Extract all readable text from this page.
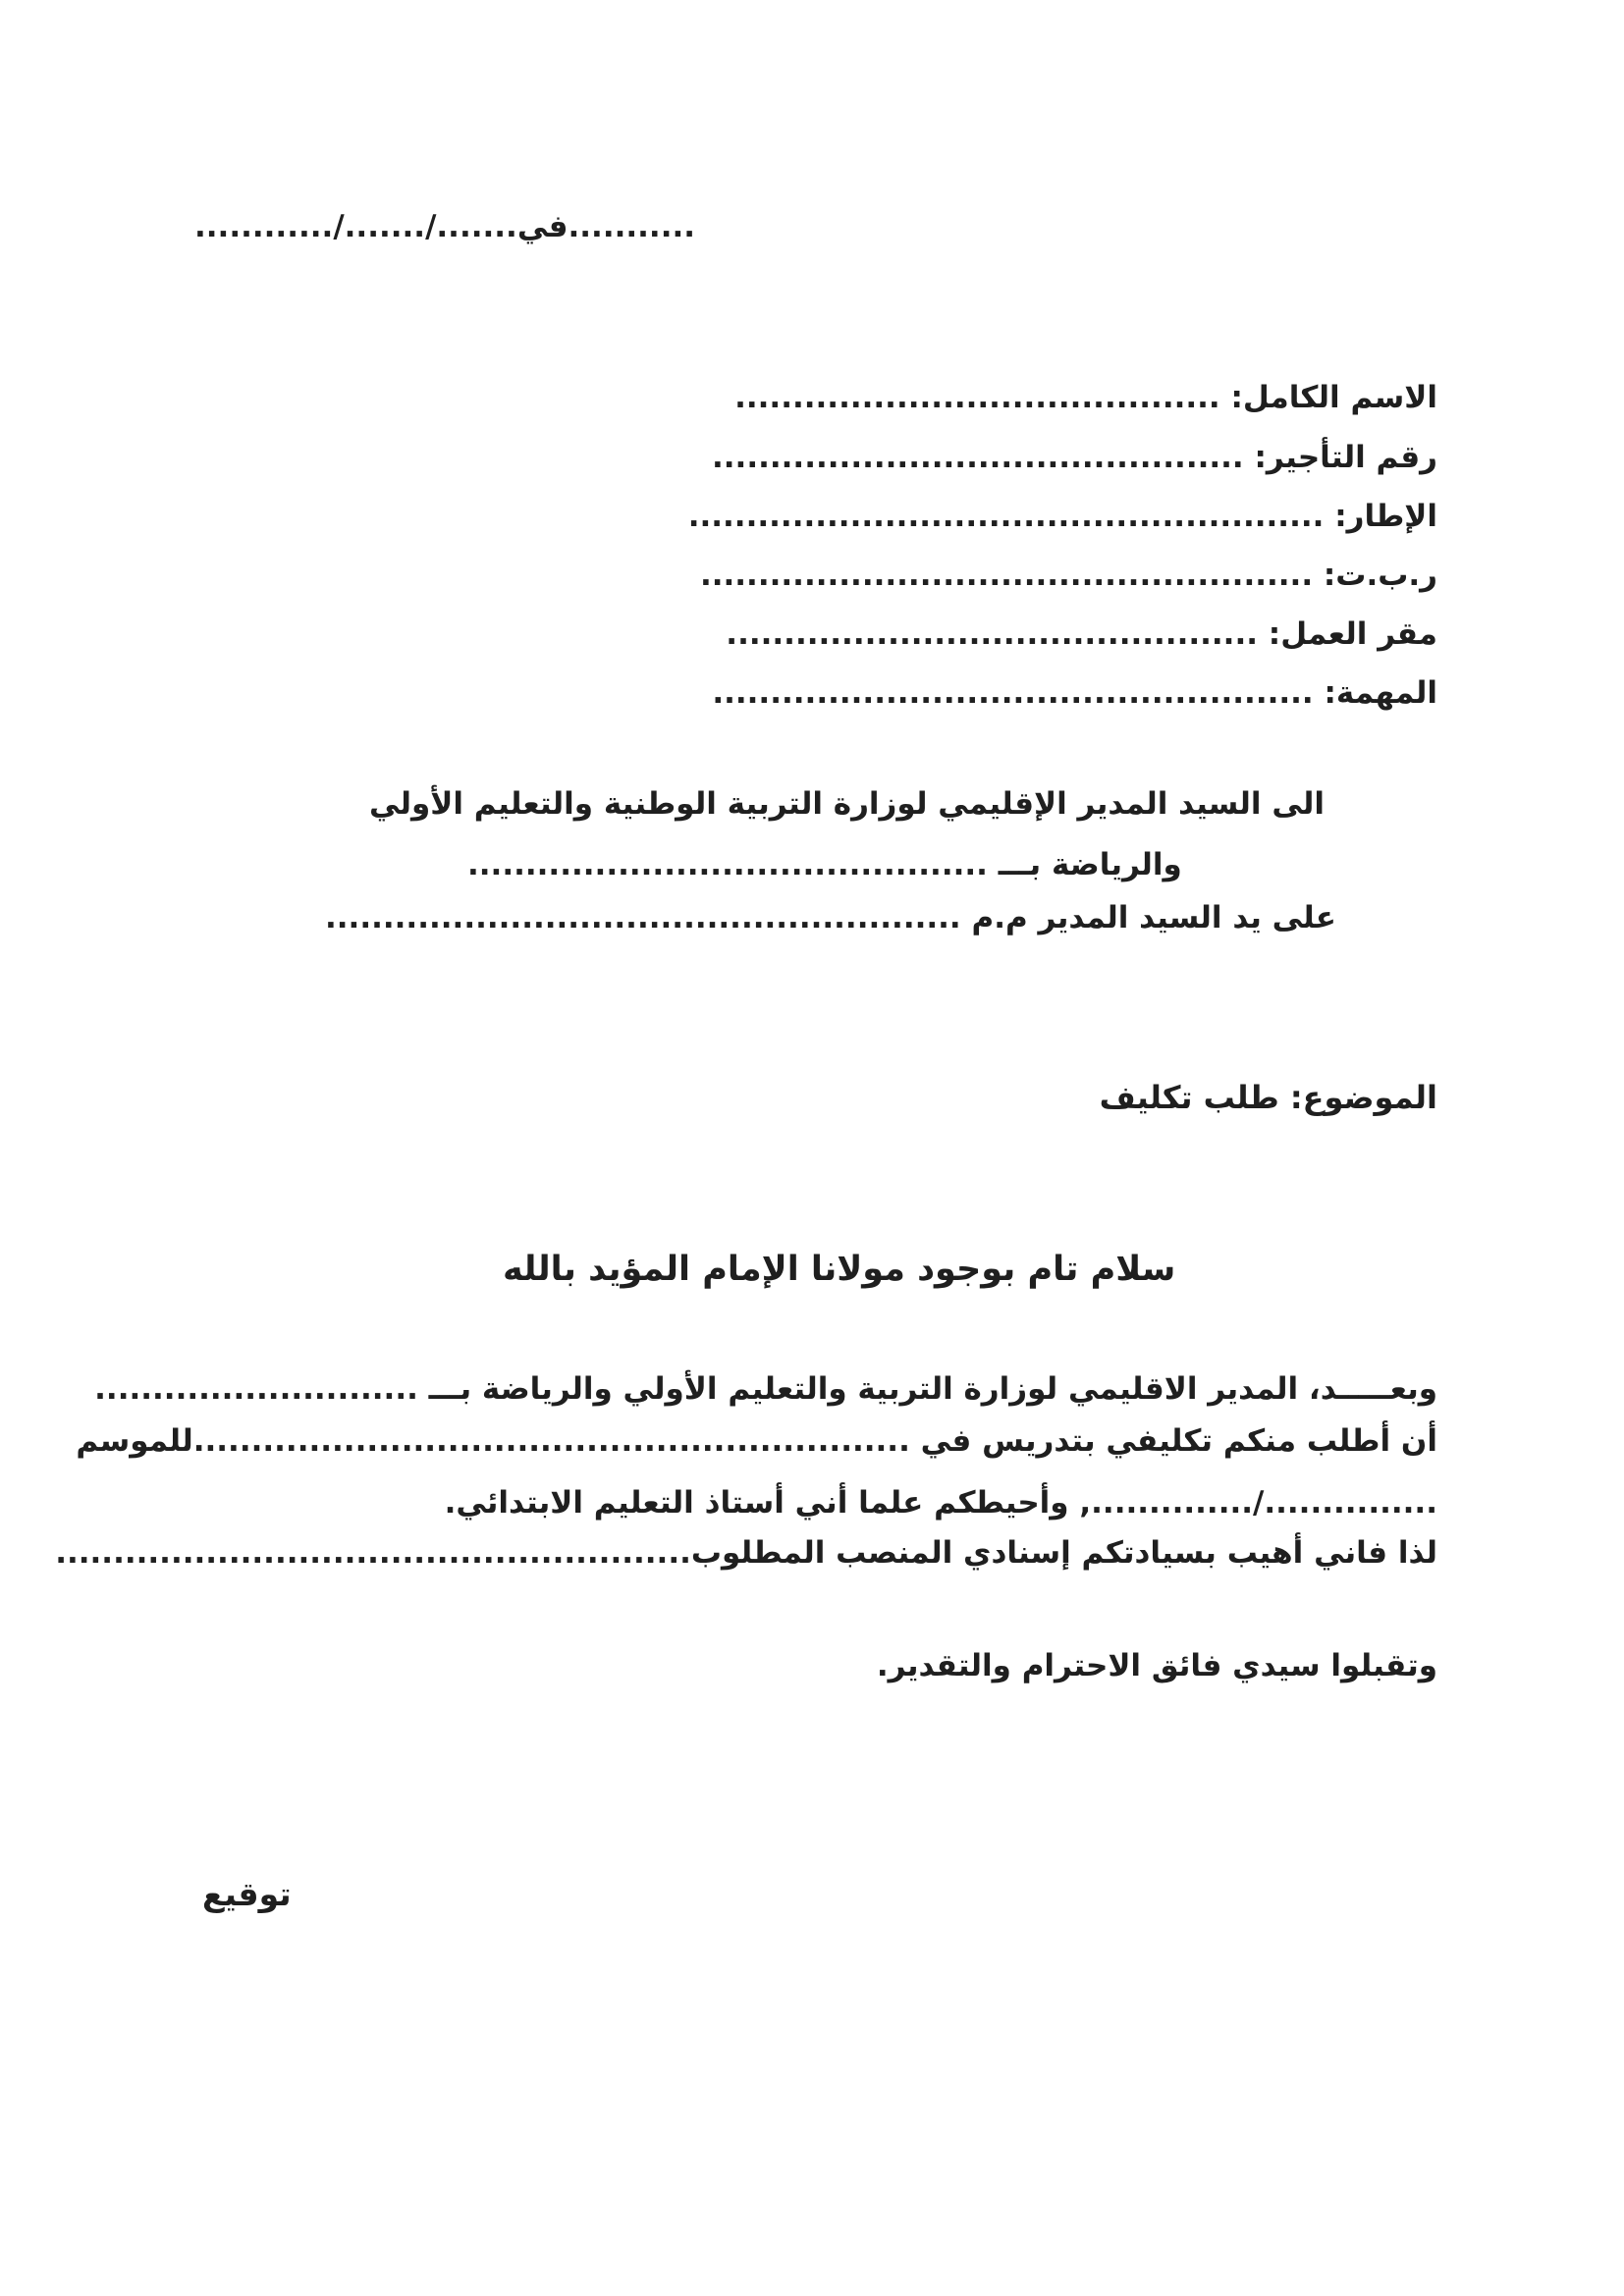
...........في......./......./............
الاسم الكامل: ..........................................
رقم التأجير: ..............................................
الإطار: .......................................................
ر.ب.ت: .....................................................
مقر العمل: ..............................................
المهمة: ....................................................
الى السيد المدير الإقليمي لوزارة التربية الوطنية والتعليم الأولي
والرياضة بـــ .............................................
على يد السيد المدير م.م .......................................................
الموضوع: طلب تكليف
سلام تام بوجود مولانا الإمام المؤيد بالله
وبعـــــد، المدير الاقليمي لوزارة التربية والتعليم الأولي والرياضة بـــ ............................
أن أطلب منكم تكليفي بتدريس في ..............................................................للموسم
.............../.............., وأحيطكم علما أني أستاذ التعليم الابتدائي.
لذا فاني أهيب بسيادتكم إسنادي المنصب المطلوب.......................................................
وتقبلوا سيدي فائق الاحترام والتقدير.
توقيع
